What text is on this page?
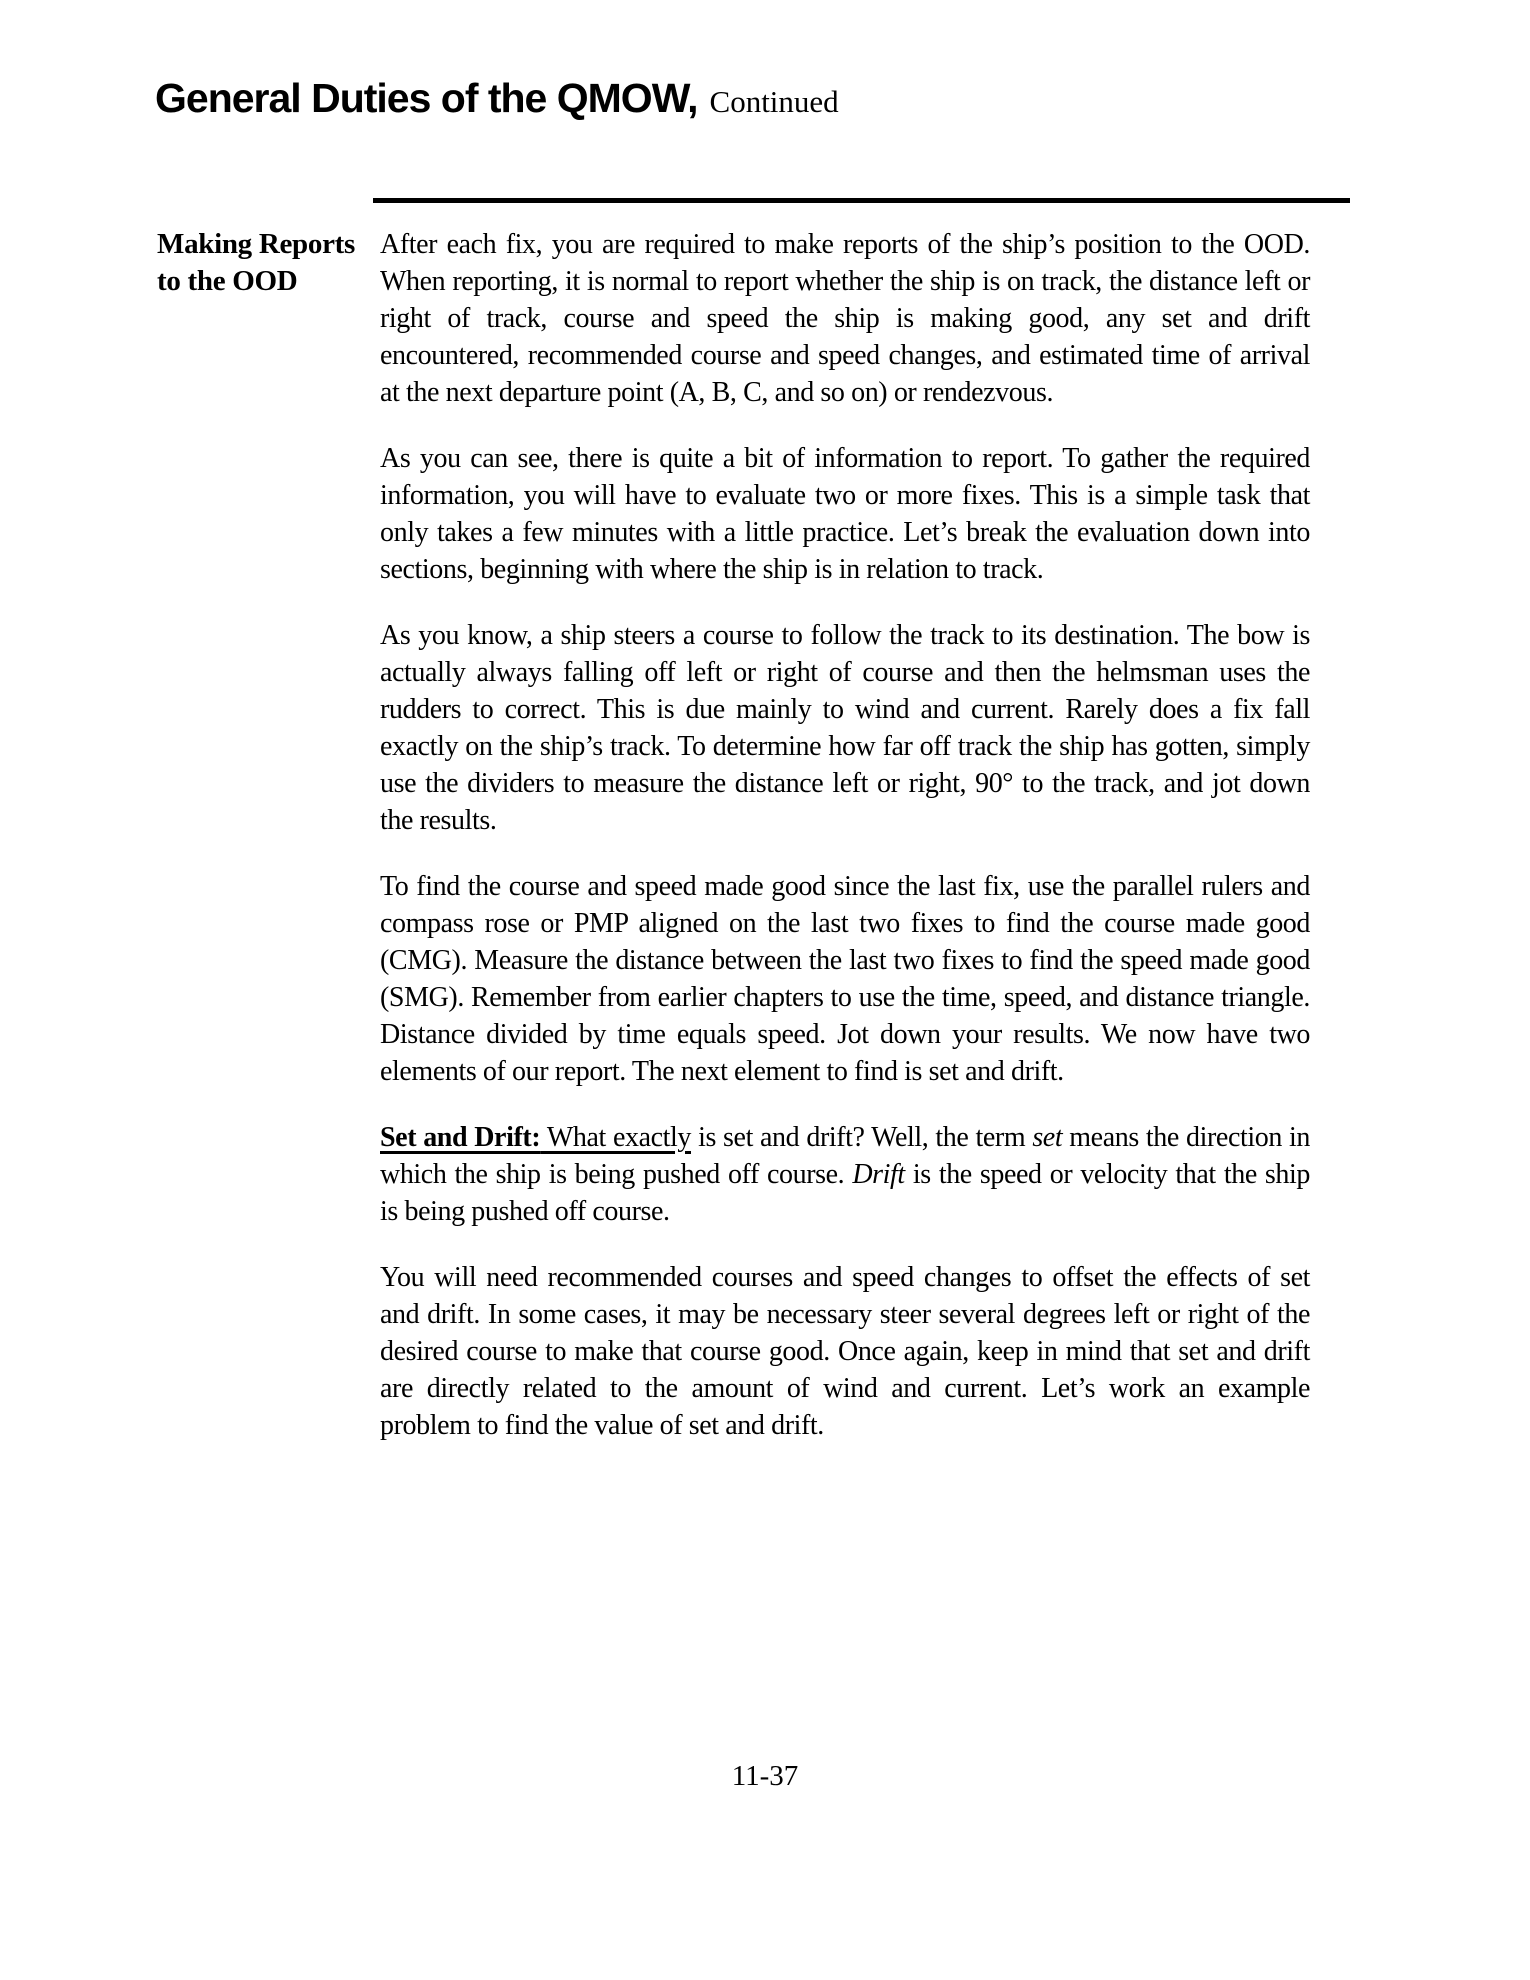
General Duties of the QMOW, Continued
Making Reports
to the OOD

After each fix, you are required to make reports of the ship’s position to the OOD. When reporting, it is normal to report whether the ship is on track, the distance left or right of track, course and speed the ship is making good, any set and drift encountered, recommended course and speed changes, and estimated time of arrival at the next departure point (A, B, C, and so on) or rendezvous.

As you can see, there is quite a bit of information to report. To gather the required information, you will have to evaluate two or more fixes. This is a simple task that only takes a few minutes with a little practice. Let’s break the evaluation down into sections, beginning with where the ship is in relation to track.

As you know, a ship steers a course to follow the track to its destination. The bow is actually always falling off left or right of course and then the helmsman uses the rudders to correct. This is due mainly to wind and current. Rarely does a fix fall exactly on the ship’s track. To determine how far off track the ship has gotten, simply use the dividers to measure the distance left or right, 90° to the track, and jot down the results.

To find the course and speed made good since the last fix, use the parallel rulers and compass rose or PMP aligned on the last two fixes to find the course made good (CMG). Measure the distance between the last two fixes to find the speed made good (SMG). Remember from earlier chapters to use the time, speed, and distance triangle. Distance divided by time equals speed. Jot down your results. We now have two elements of our report. The next element to find is set and drift.

Set and Drift: What exactly is set and drift? Well, the term set means the direction in which the ship is being pushed off course. Drift is the speed or velocity that the ship is being pushed off course.

You will need recommended courses and speed changes to offset the effects of set and drift. In some cases, it may be necessary steer several degrees left or right of the desired course to make that course good. Once again, keep in mind that set and drift are directly related to the amount of wind and current. Let’s work an example problem to find the value of set and drift.

11-37
